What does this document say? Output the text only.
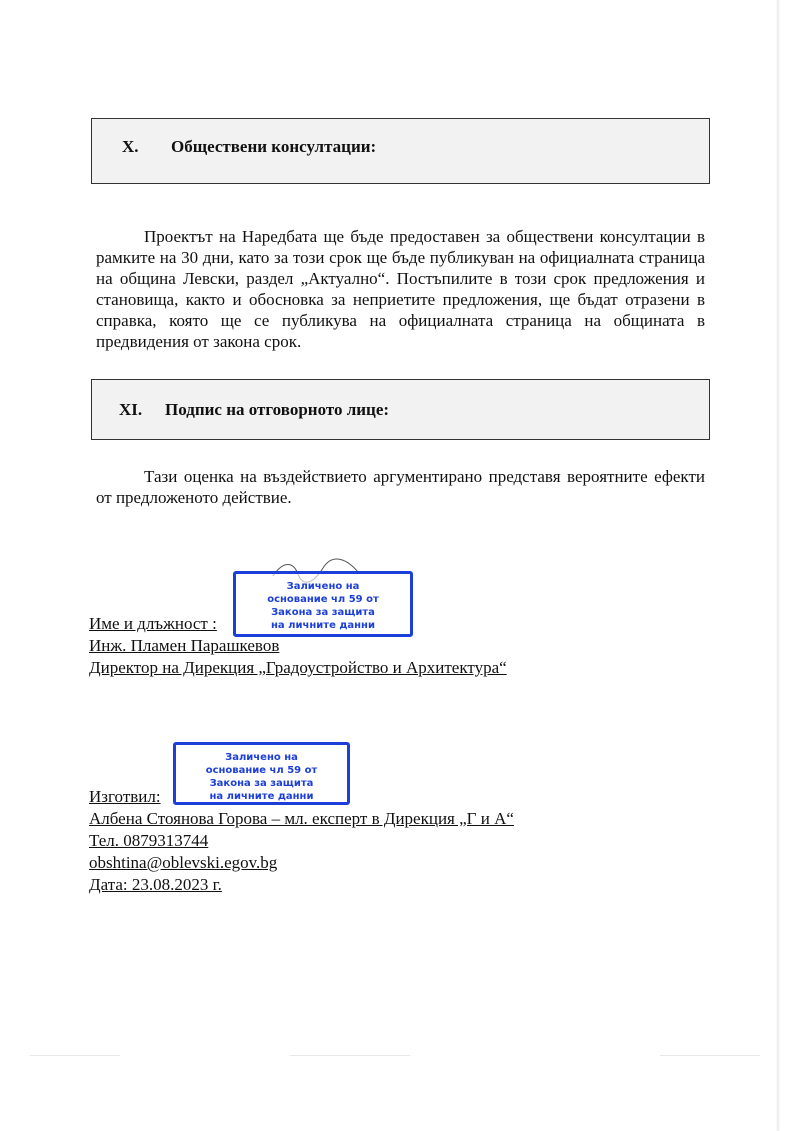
X. Обществени консултации:

Проектът на Наредбата ще бъде предоставен за обществени консултации в рамките на 30 дни, като за този срок ще бъде публикуван на официалната страница на община Левски, раздел „Актуално“. Постъпилите в този срок предложения и становища, както и обосновка за неприетите предложения, ще бъдат отразени в справка, която ще се публикува на официалната страница на общината в предвидения от закона срок.

XI. Подпис на отговорното лице:

Тази оценка на въздействието аргументирано представя вероятните ефекти от предложеното действие.

Заличено на
основание чл 59 от
Закона за защита
на личните данни
Име и длъжност :
Инж. Пламен Парашкевов
Директор на Дирекция „Градоустройство и Архитектура“
Заличено на
основание чл 59 от
Закона за защита
на личните данни
Изготвил:
Албена Стоянова Горова – мл. експерт в Дирекция „Г и А“
Тел. 0879313744
obshtina@oblevski.egov.bg
Дата: 23.08.2023 г.
